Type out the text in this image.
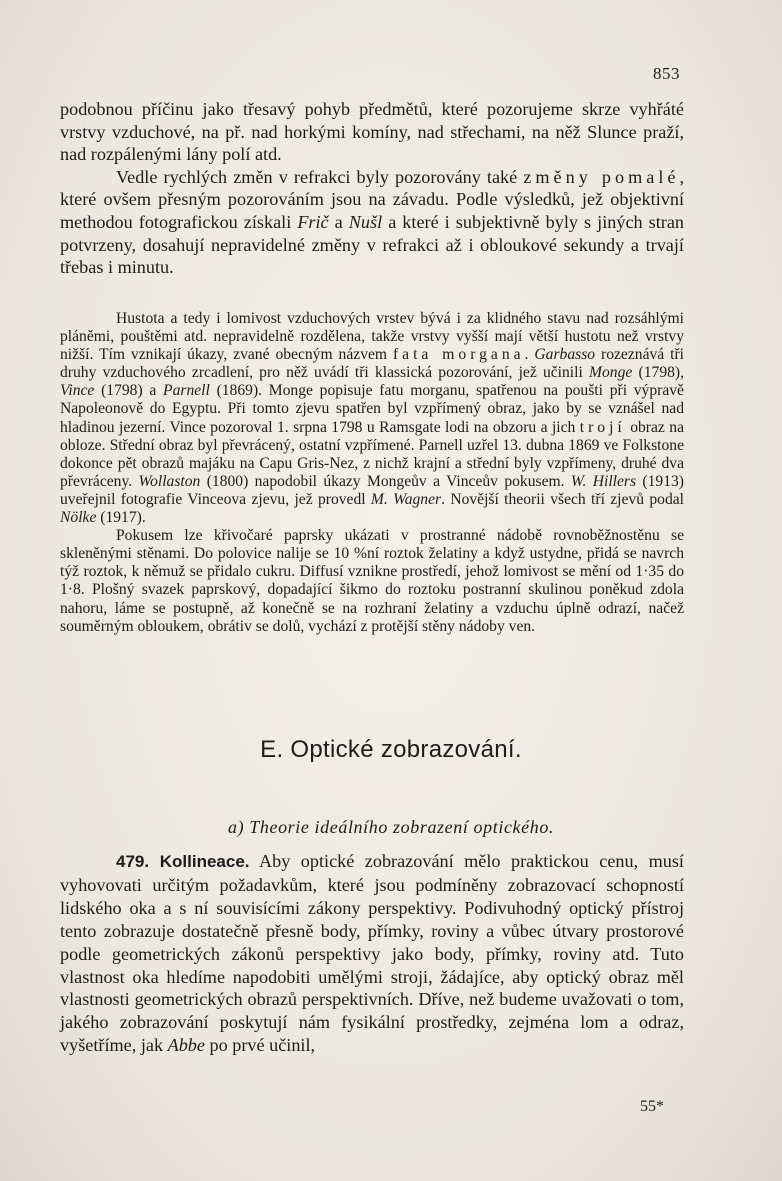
853

podobnou příčinu jako třesavý pohyb předmětů, které pozorujeme skrze vyhřáté vrstvy vzduchové, na př. nad horkými komíny, nad střechami, na něž Slunce praží, nad rozpálenými lány polí atd.

Vedle rychlých změn v refrakci byly pozorovány také změny pomalé, které ovšem přesným pozorováním jsou na závadu. Podle výsledků, jež objektivní methodou fotografickou získali Frič a Nušl a které i subjektivně byly s jiných stran potvrzeny, dosahují nepravidelné změny v refrakci až i obloukové sekundy a trvají třebas i minutu.

Hustota a tedy i lomivost vzduchových vrstev bývá i za klidného stavu nad rozsáhlými pláněmi, pouštěmi atd. nepravidelně rozdělena, takže vrstvy vyšší mají větší hustotu než vrstvy nižší. Tím vznikají úkazy, zvané obecným názvem fata morgana. Garbasso rozeznává tři druhy vzduchového zrcadlení, pro něž uvádí tři klassická pozorování, jež učinili Monge (1798), Vince (1798) a Parnell (1869). Monge popisuje fatu morganu, spatřenou na poušti při výpravě Napoleonově do Egyptu. Při tomto zjevu spatřen byl vzpřímený obraz, jako by se vznášel nad hladinou jezerní. Vince pozoroval 1. srpna 1798 u Ramsgate lodi na obzoru a jich trojí obraz na obloze. Střední obraz byl převrácený, ostatní vzpřímené. Parnell uzřel 13. dubna 1869 ve Folkstone dokonce pět obrazů majáku na Capu Gris-Nez, z nichž krajní a střední byly vzpřímeny, druhé dva převráceny. Wollaston (1800) napodobil úkazy Mongeův a Vinceův pokusem. W. Hillers (1913) uveřejnil fotografie Vinceova zjevu, jež provedl M. Wagner. Novější theorii všech tří zjevů podal Nölke (1917).

Pokusem lze křivočaré paprsky ukázati v prostranné nádobě rovnoběžnostěnu se skleněnými stěnami. Do polovice nalije se 10 %ní roztok želatiny a když ustydne, přidá se navrch týž roztok, k němuž se přidalo cukru. Diffusí vznikne prostředí, jehož lomivost se mění od 1·35 do 1·8. Plošný svazek paprskový, dopadající šikmo do roztoku postranní skulinou poněkud zdola nahoru, láme se postupně, až konečně se na rozhraní želatiny a vzduchu úplně odrazí, načež souměrným obloukem, obrátiv se dolů, vychází z protější stěny nádoby ven.

E. Optické zobrazování.
a) Theorie ideálního zobrazení optického.

479. Kollineace. Aby optické zobrazování mělo praktickou cenu, musí vyhovovati určitým požadavkům, které jsou podmíněny zobrazovací schopností lidského oka a s ní souvisícími zákony perspektivy. Podivuhodný optický přístroj tento zobrazuje dostatečně přesně body, přímky, roviny a vůbec útvary prostorové podle geometrických zákonů perspektivy jako body, přímky, roviny atd. Tuto vlastnost oka hledíme napodobiti umělými stroji, žádajíce, aby optický obraz měl vlastnosti geometrických obrazů perspektivních. Dříve, než budeme uvažovati o tom, jakého zobrazování poskytují nám fysikální prostředky, zejména lom a odraz, vyšetříme, jak Abbe po prvé učinil,

55*
